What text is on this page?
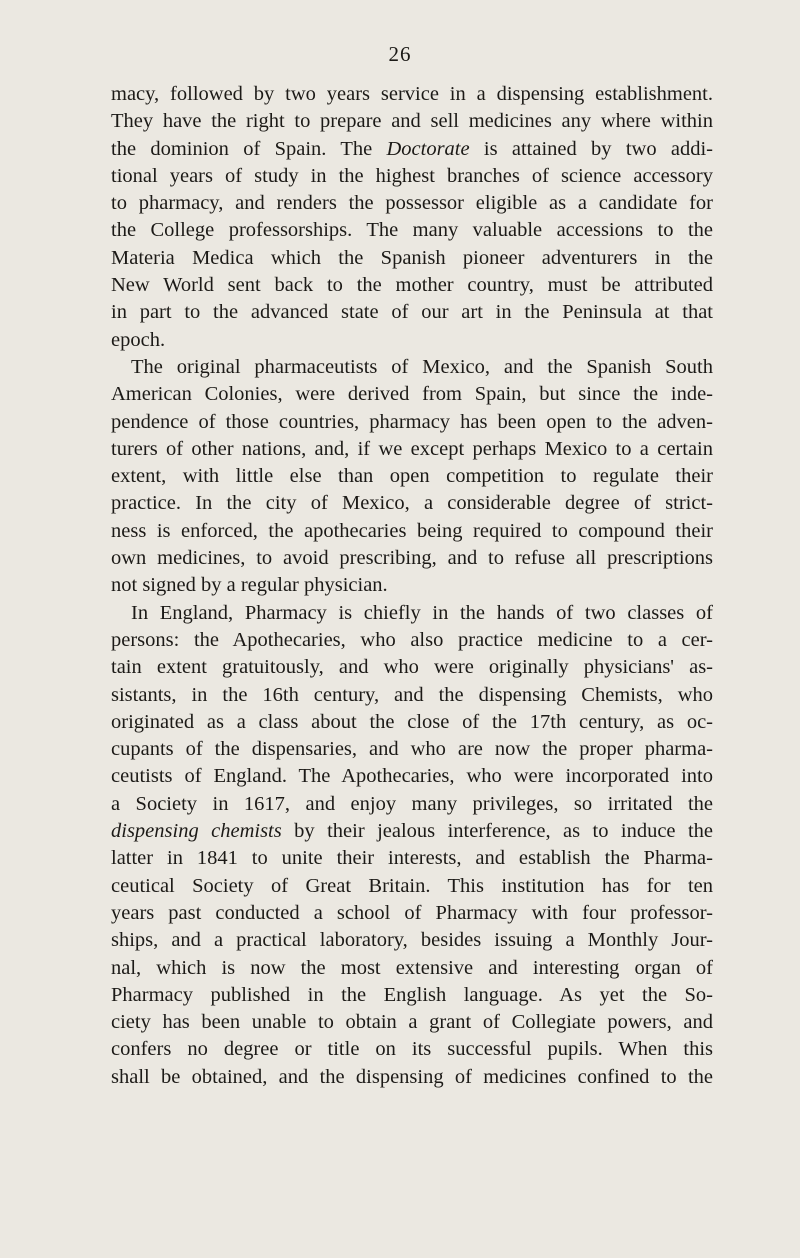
26
macy, followed by two years service in a dispensing establishment.
They have the right to prepare and sell medicines any where within
the dominion of Spain. The Doctorate is attained by two addi-
tional years of study in the highest branches of science accessory
to pharmacy, and renders the possessor eligible as a candidate for
the College professorships. The many valuable accessions to the
Materia Medica which the Spanish pioneer adventurers in the
New World sent back to the mother country, must be attributed
in part to the advanced state of our art in the Peninsula at that
epoch.
The original pharmaceutists of Mexico, and the Spanish South
American Colonies, were derived from Spain, but since the inde-
pendence of those countries, pharmacy has been open to the adven-
turers of other nations, and, if we except perhaps Mexico to a certain
extent, with little else than open competition to regulate their
practice. In the city of Mexico, a considerable degree of strict-
ness is enforced, the apothecaries being required to compound their
own medicines, to avoid prescribing, and to refuse all prescriptions
not signed by a regular physician.
In England, Pharmacy is chiefly in the hands of two classes of
persons: the Apothecaries, who also practice medicine to a cer-
tain extent gratuitously, and who were originally physicians' as-
sistants, in the 16th century, and the dispensing Chemists, who
originated as a class about the close of the 17th century, as oc-
cupants of the dispensaries, and who are now the proper pharma-
ceutists of England. The Apothecaries, who were incorporated into
a Society in 1617, and enjoy many privileges, so irritated the
dispensing chemists by their jealous interference, as to induce the
latter in 1841 to unite their interests, and establish the Pharma-
ceutical Society of Great Britain. This institution has for ten
years past conducted a school of Pharmacy with four professor-
ships, and a practical laboratory, besides issuing a Monthly Jour-
nal, which is now the most extensive and interesting organ of
Pharmacy published in the English language. As yet the So-
ciety has been unable to obtain a grant of Collegiate powers, and
confers no degree or title on its successful pupils. When this
shall be obtained, and the dispensing of medicines confined to the
